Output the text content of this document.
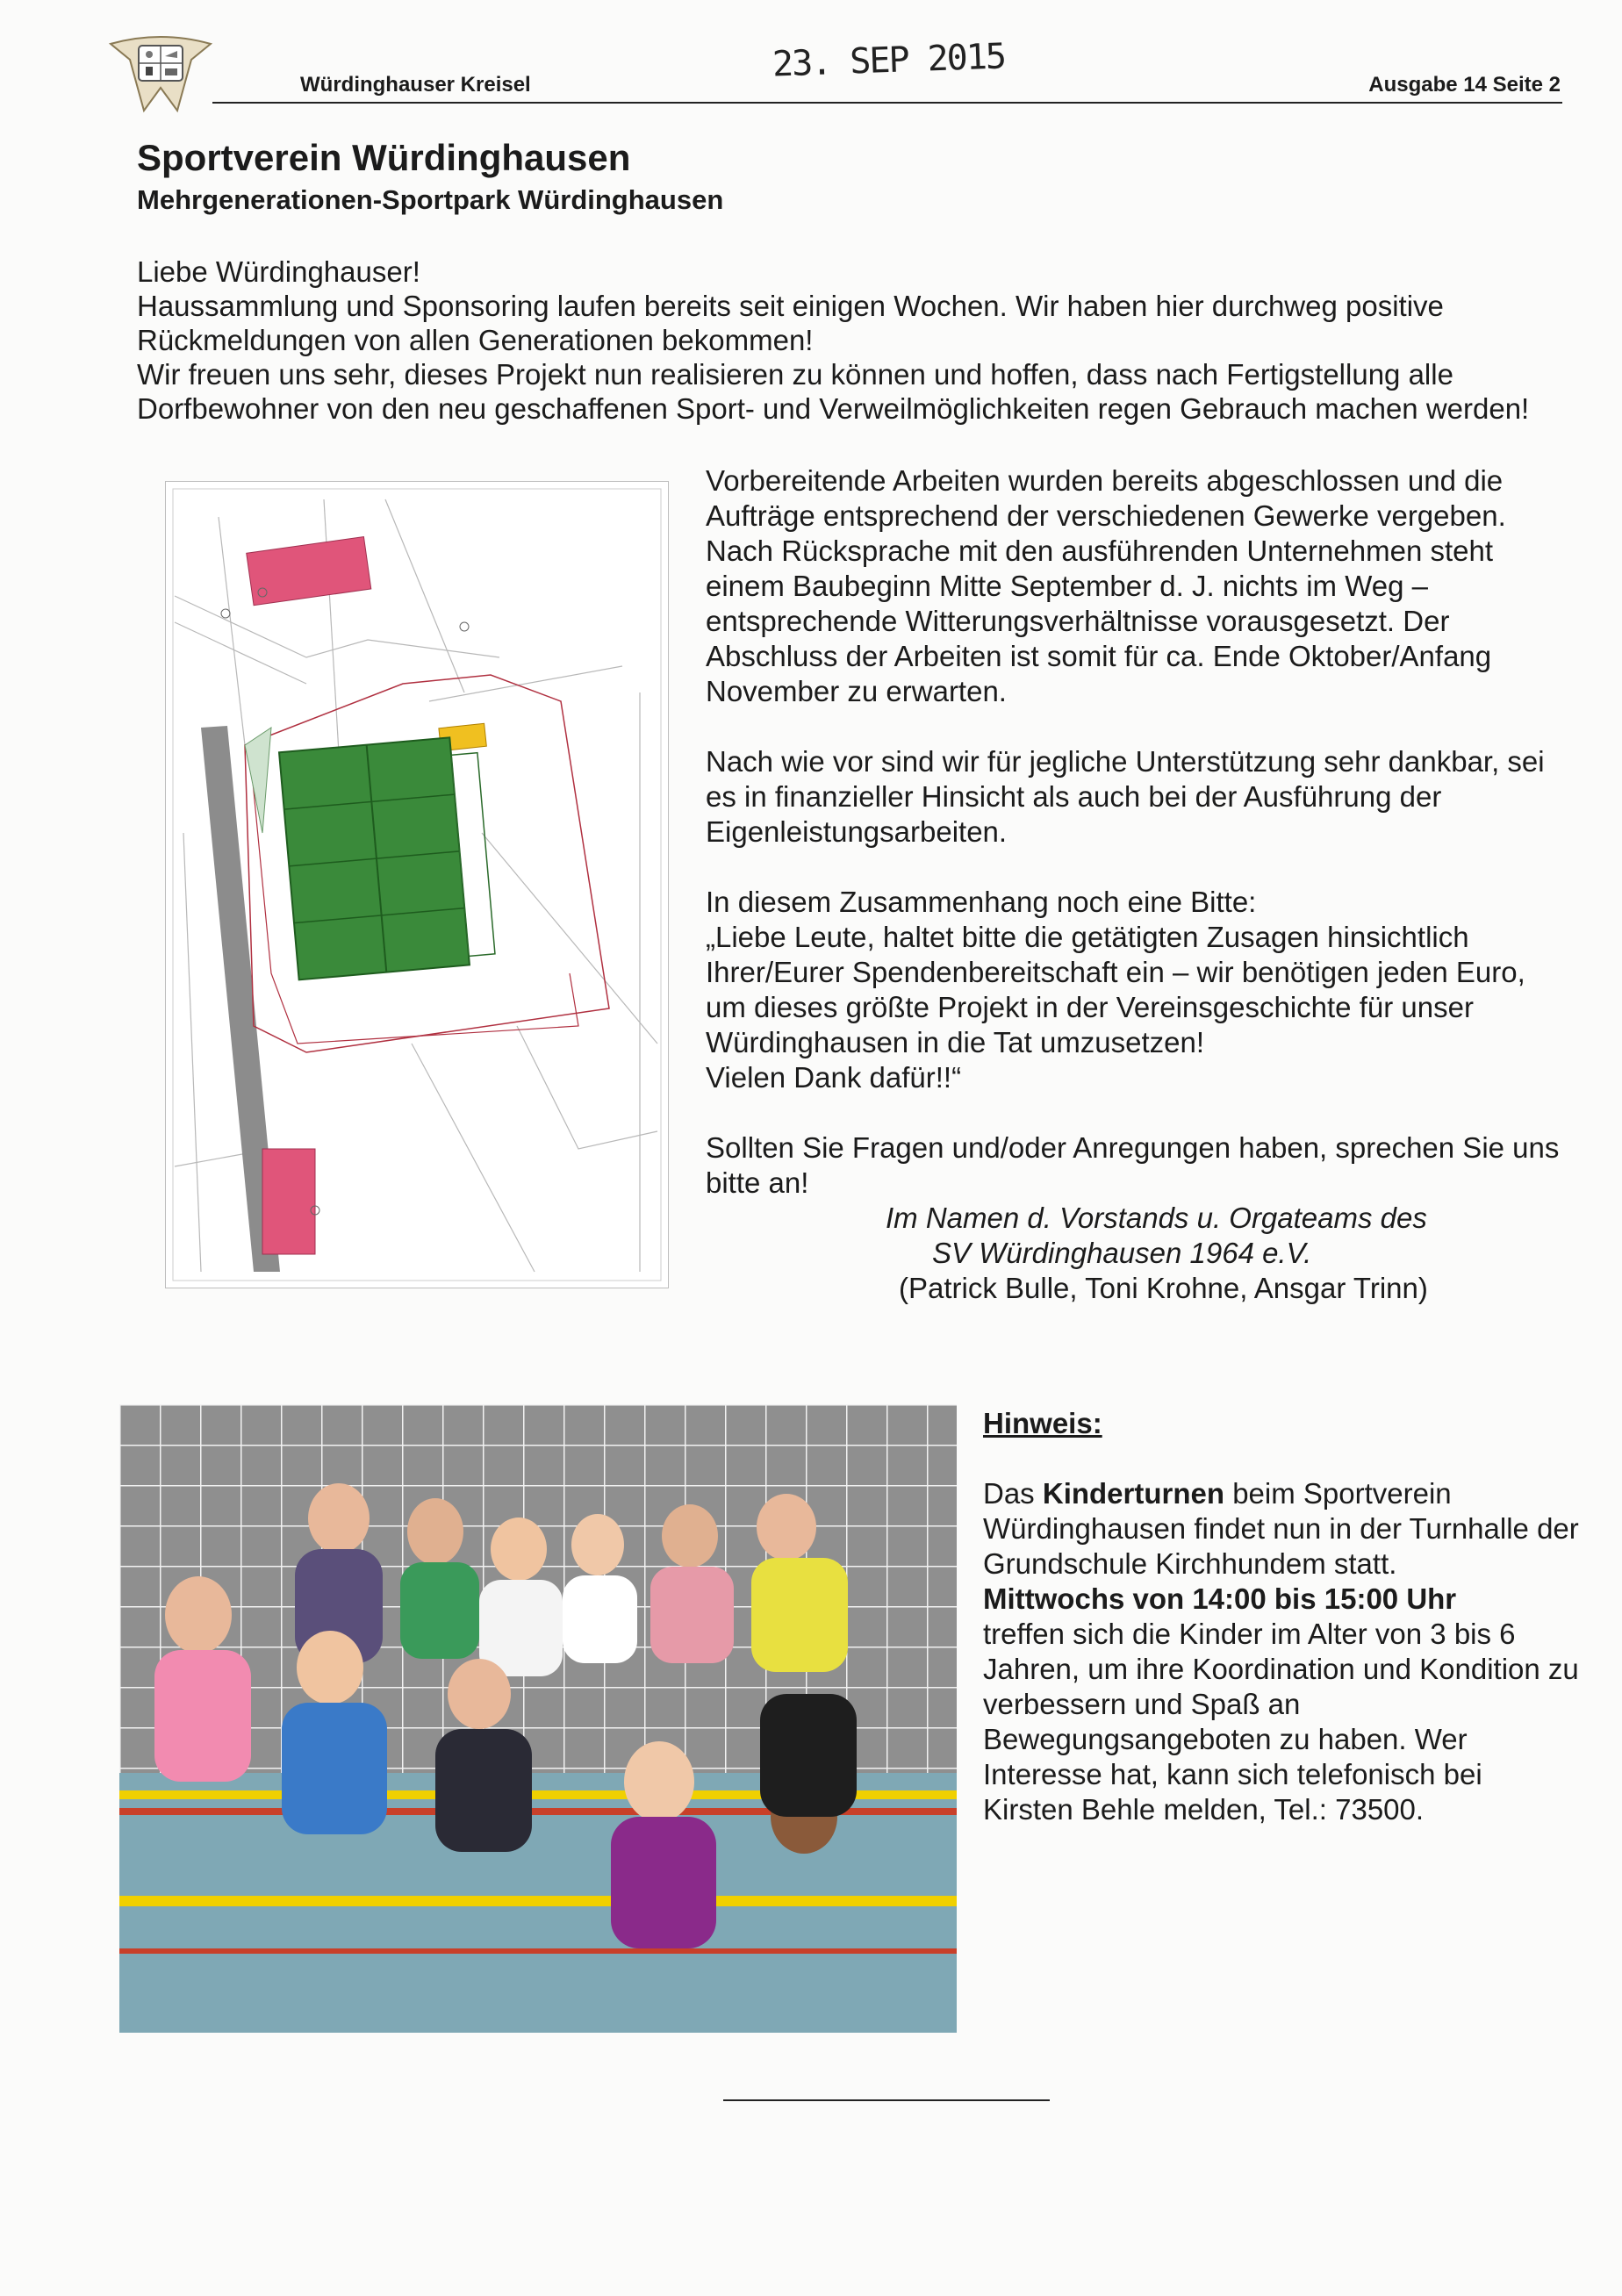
Würdinghauser Kreisel	23. SEP 2015	Ausgabe 14 Seite 2
Sportverein Würdinghausen
Mehrgenerationen-Sportpark Würdinghausen

Liebe Würdinghauser!

Haussammlung und Sponsoring laufen bereits seit einigen Wochen. Wir haben hier durchweg positive Rückmeldungen von allen Generationen bekommen!

Wir freuen uns sehr, dieses Projekt nun realisieren zu können und hoffen, dass nach Fertigstellung alle Dorfbewohner von den neu geschaffenen Sport- und Verweilmöglichkeiten regen Gebrauch machen werden!

Vorbereitende Arbeiten wurden bereits abgeschlossen und die Aufträge entsprechend der verschiedenen Gewerke vergeben. Nach Rücksprache mit den ausführenden Unternehmen steht einem Baubeginn Mitte September d. J. nichts im Weg – entsprechende Witterungsverhältnisse vorausgesetzt. Der Abschluss der Arbeiten ist somit für ca. Ende Oktober/Anfang November zu erwarten.

Nach wie vor sind wir für jegliche Unterstützung sehr dankbar, sei es in finanzieller Hinsicht als auch bei der Ausführung der Eigenleistungsarbeiten.

In diesem Zusammenhang noch eine Bitte:

„Liebe Leute, haltet bitte die getätigten Zusagen hinsichtlich Ihrer/Eurer Spendenbereitschaft ein – wir benötigen jeden Euro, um dieses größte Projekt in der Vereinsgeschichte für unser Würdinghausen in die Tat umzusetzen!

Vielen Dank dafür!!“

Sollten Sie Fragen und/oder Anregungen haben, sprechen Sie uns bitte an!

Im Namen d. Vorstands u. Orgateams des

SV Würdinghausen 1964 e.V.

(Patrick Bulle, Toni Krohne, Ansgar Trinn)

Hinweis:

Das Kinderturnen beim Sportverein Würdinghausen findet nun in der Turnhalle der Grundschule Kirchhundem statt.

Mittwochs von 14:00 bis 15:00 Uhr

treffen sich die Kinder im Alter von 3 bis 6 Jahren, um ihre Koordination und Kondition zu verbessern und Spaß an Bewegungsangeboten zu haben. Wer Interesse hat, kann sich telefonisch bei Kirsten Behle melden, Tel.: 73500.
